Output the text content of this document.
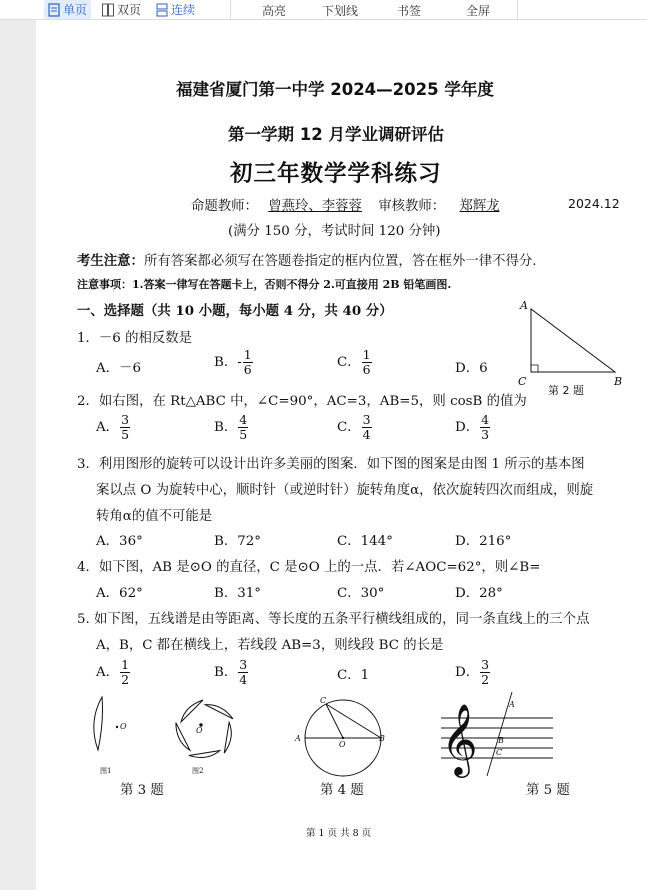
单页 双页 连续	高亮	下划线	书签	全屏
福建省厦门第一中学 2024—2025 学年度
第一学期 12 月学业调研评估
初三年数学学科练习
命题教师： 曾燕玲、李蓉蓉 审核教师： 郑辉龙	2024.12
(满分 150 分，考试时间 120 分钟)
考生注意：所有答案都必须写在答题卷指定的框内位置，答在框外一律不得分.
注意事项：1.答案一律写在答题卡上，否则不得分 2.可直接用 2B 铅笔画图.
一、选择题（共 10 小题，每小题 4 分，共 40 分）
1．－6 的相反数是
A．－6	B．- $\frac{1}{6}$	C． $\frac{1}{6}$	D．6
A
C	B
第 2 题
2．如右图，在 Rt△ABC 中，∠C=90°，AC=3，AB=5，则 cosB 的值为
A． $\frac{3}{5}$	B． $\frac{4}{5}$	C． $\frac{3}{4}$	D． $\frac{4}{3}$
3．利用图形的旋转可以设计出许多美丽的图案．如下图的图案是由图 1 所示的基本图
案以点 O 为旋转中心，顺时针（或逆时针）旋转角度α，依次旋转四次而组成，则旋
转角α的值不可能是
A．36°	B．72°	C．144°	D．216°
4．如下图，AB 是⊙O 的直径，C 是⊙O 上的一点．若∠AOC=62°，则∠B=
A．62°	B．31°	C．30°	D．28°
5. 如下图，五线谱是由等距离、等长度的五条平行横线组成的，同一条直线上的三个点
A，B，C 都在横线上，若线段 AB=3，则线段 BC 的长是
A． $\frac{1}{2}$	B． $\frac{3}{4}$	C．1	D． $\frac{3}{2}$
O	O
图1	图2
第 3 题
C
A	B
O
第 4 题
𝄞	A
B
C
第 5 题
第 1 页 共 8 页
